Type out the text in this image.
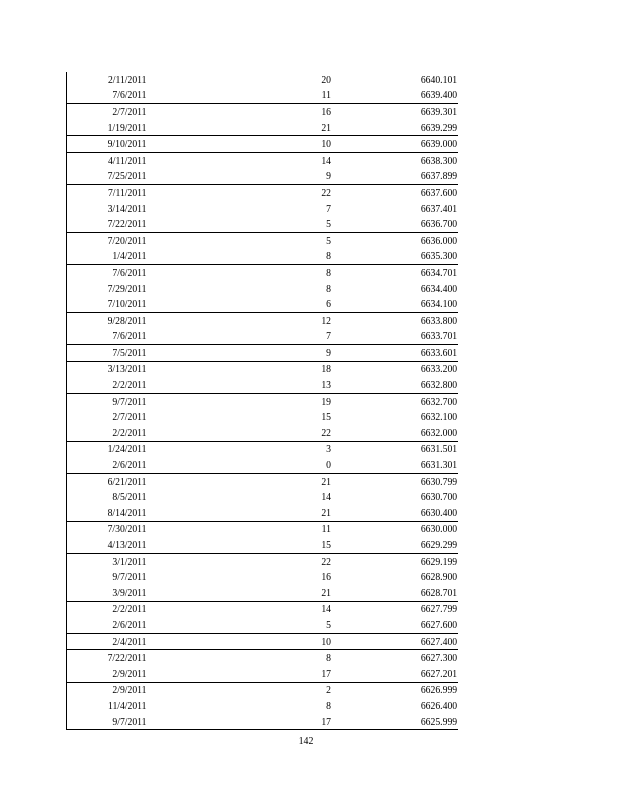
2/11/2011	20	6640.101
7/6/2011	11	6639.400
2/7/2011	16	6639.301
1/19/2011	21	6639.299
9/10/2011	10	6639.000
4/11/2011	14	6638.300
7/25/2011	9	6637.899
7/11/2011	22	6637.600
3/14/2011	7	6637.401
7/22/2011	5	6636.700
7/20/2011	5	6636.000
1/4/2011	8	6635.300
7/6/2011	8	6634.701
7/29/2011	8	6634.400
7/10/2011	6	6634.100
9/28/2011	12	6633.800
7/6/2011	7	6633.701
7/5/2011	9	6633.601
3/13/2011	18	6633.200
2/2/2011	13	6632.800
9/7/2011	19	6632.700
2/7/2011	15	6632.100
2/2/2011	22	6632.000
1/24/2011	3	6631.501
2/6/2011	0	6631.301
6/21/2011	21	6630.799
8/5/2011	14	6630.700
8/14/2011	21	6630.400
7/30/2011	11	6630.000
4/13/2011	15	6629.299
3/1/2011	22	6629.199
9/7/2011	16	6628.900
3/9/2011	21	6628.701
2/2/2011	14	6627.799
2/6/2011	5	6627.600
2/4/2011	10	6627.400
7/22/2011	8	6627.300
2/9/2011	17	6627.201
2/9/2011	2	6626.999
11/4/2011	8	6626.400
9/7/2011	17	6625.999
142
